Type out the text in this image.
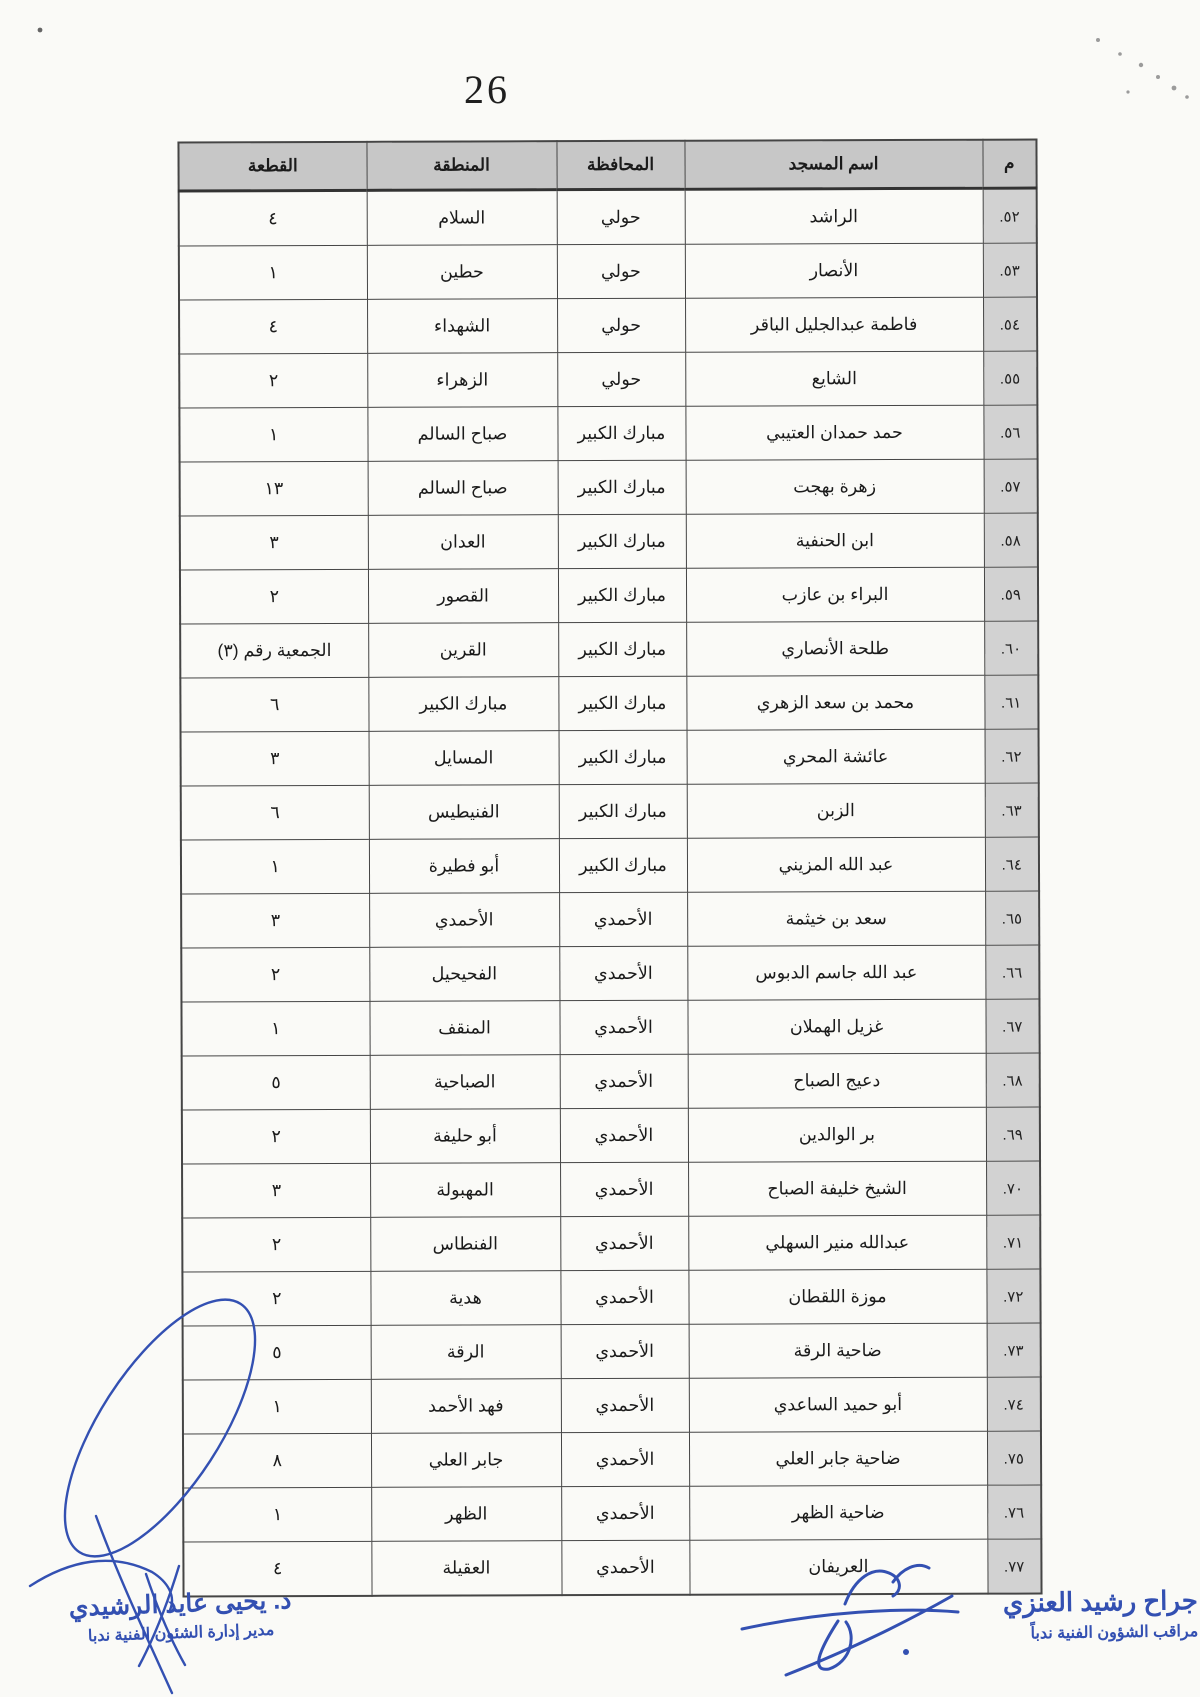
26
م	اسم المسجد	المحافظة	المنطقة	القطعة
٥٢.	الراشد	حولي	السلام	٤
٥٣.	الأنصار	حولي	حطين	١
٥٤.	فاطمة عبدالجليل الباقر	حولي	الشهداء	٤
٥٥.	الشايع	حولي	الزهراء	٢
٥٦.	حمد حمدان العتيبي	مبارك الكبير	صباح السالم	١
٥٧.	زهرة بهجت	مبارك الكبير	صباح السالم	١٣
٥٨.	ابن الحنفية	مبارك الكبير	العدان	٣
٥٩.	البراء بن عازب	مبارك الكبير	القصور	٢
٦٠.	طلحة الأنصاري	مبارك الكبير	القرين	الجمعية رقم (٣)
٦١.	محمد بن سعد الزهري	مبارك الكبير	مبارك الكبير	٦
٦٢.	عائشة المحري	مبارك الكبير	المسايل	٣
٦٣.	الزبن	مبارك الكبير	الفنيطيس	٦
٦٤.	عبد الله المزيني	مبارك الكبير	أبو فطيرة	١
٦٥.	سعد بن خيثمة	الأحمدي	الأحمدي	٣
٦٦.	عبد الله جاسم الدبوس	الأحمدي	الفحيحيل	٢
٦٧.	غزيل الهملان	الأحمدي	المنقف	١
٦٨.	دعيج الصباح	الأحمدي	الصباحية	٥
٦٩.	بر الوالدين	الأحمدي	أبو حليفة	٢
٧٠.	الشيخ خليفة الصباح	الأحمدي	المهبولة	٣
٧١.	عبدالله منير السهلي	الأحمدي	الفنطاس	٢
٧٢.	موزة اللقطان	الأحمدي	هدية	٢
٧٣.	ضاحية الرقة	الأحمدي	الرقة	٥
٧٤.	أبو حميد الساعدي	الأحمدي	فهد الأحمد	١
٧٥.	ضاحية جابر العلي	الأحمدي	جابر العلي	٨
٧٦.	ضاحية الظهر	الأحمدي	الظهر	١
٧٧.	العريفان	الأحمدي	العقيلة	٤
جراح رشيد العنزي
مراقب الشؤون الفنية ندباً
د. يحيى عايد الرشيدي
مدير إدارة الشئون الفنية ندبا
